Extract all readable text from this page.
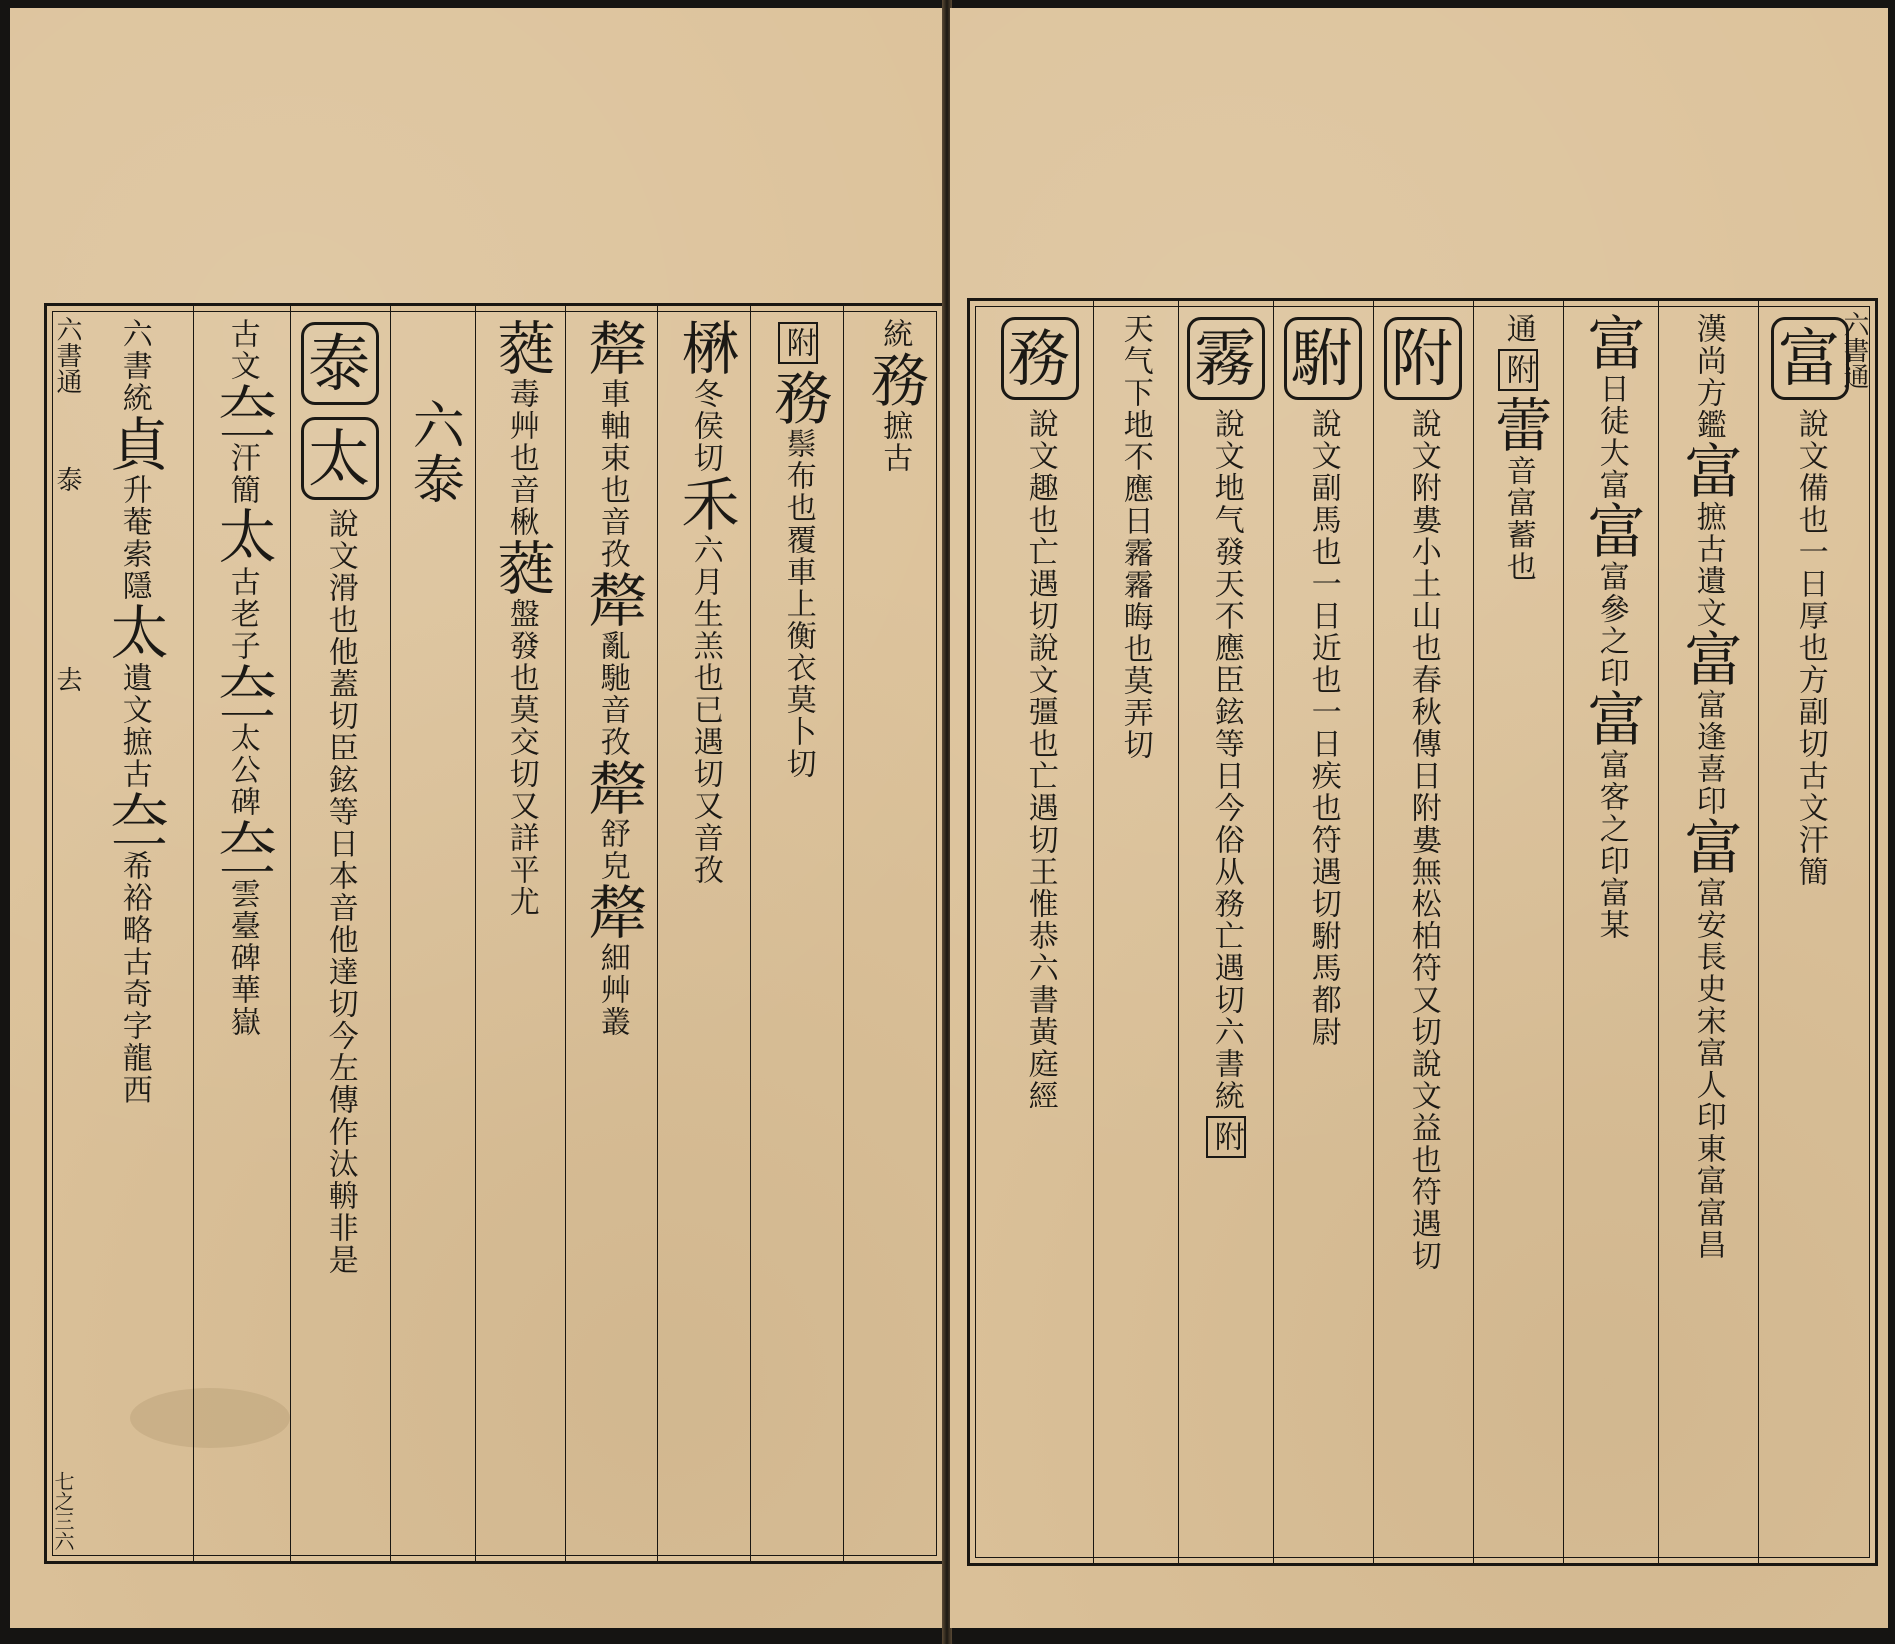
統
務
摭古
附
務
鬃布也覆車上
衡衣莫卜切
楙
冬
侯切
禾
六月生羔也已
遇切又音孜
犛
車軸束
也音孜
犛
亂馳
音孜
犛
舒皃
犛
細艸叢
蕤
毒艸也
音楸
蕤
盤發也莫交切
又詳平尤
六泰
泰
太
說文滑也他蓋切臣鉉等日本
音他達切今左傳作汰輈非是
古文
夳
汗簡
太
古老子
夳
太公
碑
夳
雲臺
碑
華嶽
六書統
貞
升菴
索隱
太
遺文
摭古
夳
希裕
略古
奇字
龍西
六書通
泰
去
七之三六
六書通
富
說文備也一日
厚也方副切
古文
汗簡
漢尚方鑑
富
摭古
遺文
富
富逢
喜印
富
富安
長史
宋富
人印
東富
富昌
富
日徒
大富
富
富參
之印
富
富客
之印
富某
通
附
蕾
音富
蓄也
附
說文附婁小土山也春秋
傳日附婁無松柏符又切
說文益也
符遇切
駙
說文副馬也一日近
也一日疾也符遇切
駙馬都尉
霧
說文地气發天不應臣鉉
等日今俗从務亡遇切
六書統
附
天气下地不應日
霿霿晦也莫弄切
務
說文趣也
亡遇切
說文彊也
亡遇切
王惟恭
六書
黃庭經
